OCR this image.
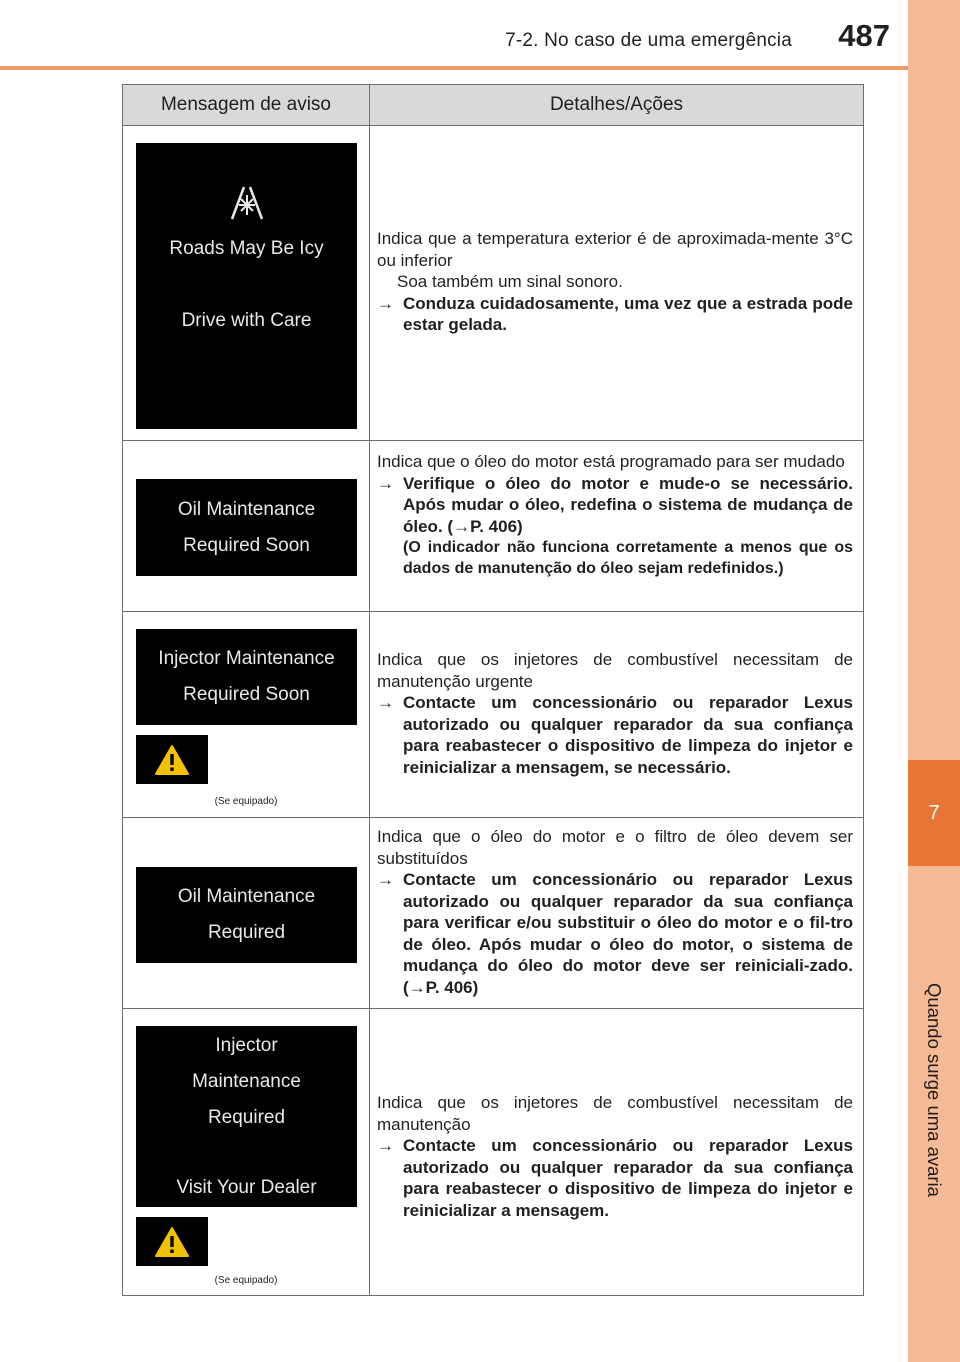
7-2. No caso de uma emergência	487
7
Quando surge uma avaria
Mensagem de aviso	Detalhes/Ações
Roads May Be Icy
Drive with Care

Indica que a temperatura exterior é de aproximada-mente 3°C ou inferior

Soa também um sinal sonoro.

→ Conduza cuidadosamente, uma vez que a estrada pode estar gelada.

Oil Maintenance
Required Soon

Indica que o óleo do motor está programado para ser mudado

→ Verifique o óleo do motor e mude-o se necessário. Após mudar o óleo, redefina o sistema de mudança de óleo. (→P. 406)

(O indicador não funciona corretamente a menos que os dados de manutenção do óleo sejam redefinidos.)

Injector Maintenance
Required Soon
(Se equipado)

Indica que os injetores de combustível necessitam de manutenção urgente

→ Contacte um concessionário ou reparador Lexus autorizado ou qualquer reparador da sua confiança para reabastecer o dispositivo de limpeza do injetor e reinicializar a mensagem, se necessário.

Oil Maintenance
Required

Indica que o óleo do motor e o filtro de óleo devem ser substituídos

→ Contacte um concessionário ou reparador Lexus autorizado ou qualquer reparador da sua confiança para verificar e/ou substituir o óleo do motor e o fil-tro de óleo. Após mudar o óleo do motor, o sistema de mudança do óleo do motor deve ser reiniciali-zado. (→P. 406)

Injector
Maintenance
Required
Visit Your Dealer
(Se equipado)

Indica que os injetores de combustível necessitam de manutenção

→ Contacte um concessionário ou reparador Lexus autorizado ou qualquer reparador da sua confiança para reabastecer o dispositivo de limpeza do injetor e reinicializar a mensagem.
